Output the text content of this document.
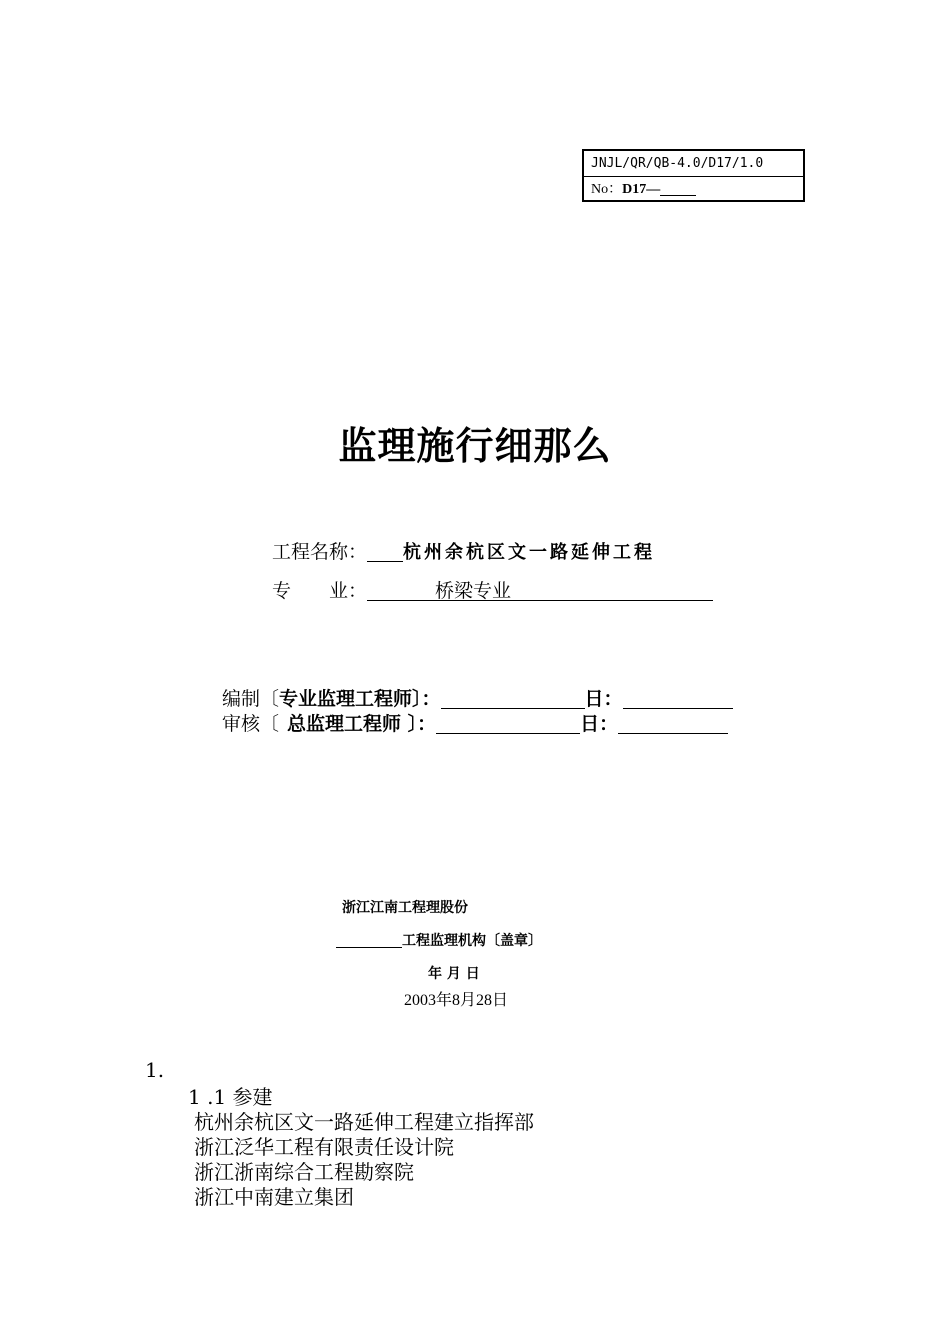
JNJL/QR/QB-4.0/D17/1.0
No：D17—
监理施行细那么
工程名称： 杭州余杭区文一路延伸工程
专　　业：	桥梁专业
编制〔专业监理工程师〕：	日：
审核〔 总监理工程师 〕：	日：
浙江江南工程理股份
工程监理机构〔盖章〕
年 月 日
2003年8月28日
1.
1 .1 参建
杭州余杭区文一路延伸工程建立指挥部
浙江泛华工程有限责任设计院
浙江浙南综合工程勘察院
浙江中南建立集团
